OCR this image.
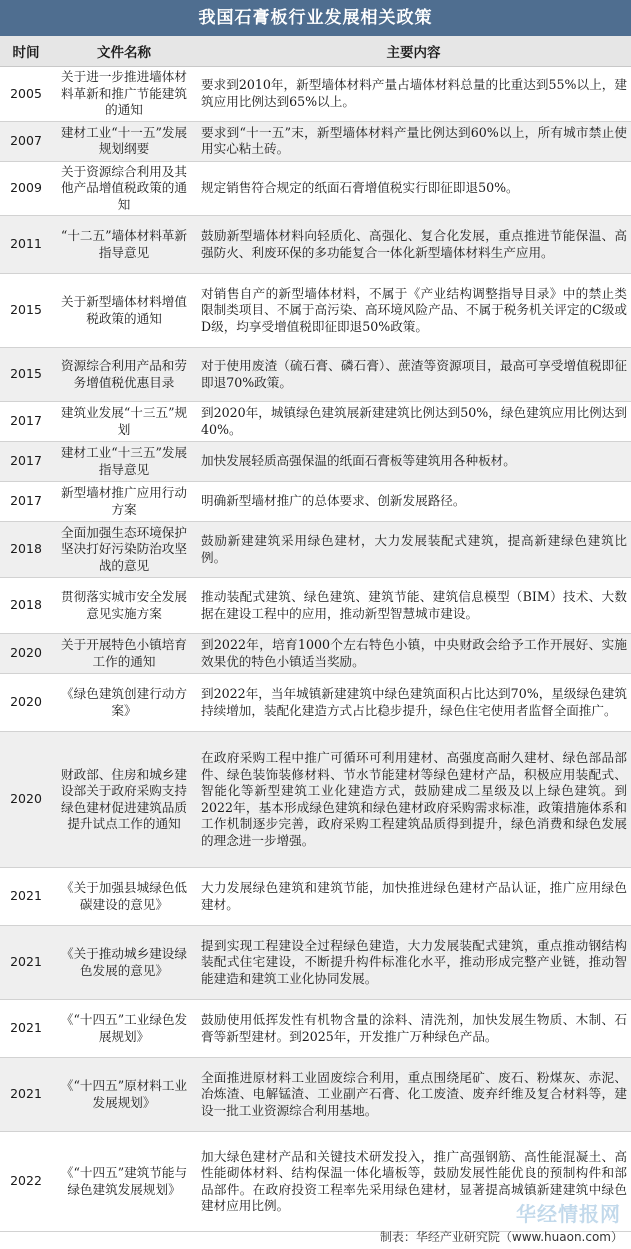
我国石膏板行业发展相关政策
时间	文件名称	主要内容
2005	关于进一步推进墙体材料革新和推广节能建筑的通知	要求到2010年，新型墙体材料产量占墙体材料总量的比重达到55%以上，建筑应用比例达到65%以上。
2007	建材工业“十一五”发展规划纲要	要求到“十一五”末，新型墙体材料产量比例达到60%以上，所有城市禁止使用实心粘土砖。
2009	关于资源综合利用及其他产品增值税政策的通知	规定销售符合规定的纸面石膏增值税实行即征即退50%。
2011	“十二五”墙体材料革新指导意见	鼓励新型墙体材料向轻质化、高强化、复合化发展，重点推进节能保温、高强防火、利废环保的多功能复合一体化新型墙体材料生产应用。
2015	关于新型墙体材料增值税政策的通知	对销售自产的新型墙体材料，不属于《产业结构调整指导目录》中的禁止类限制类项目、不属于高污染、高环境风险产品、不属于税务机关评定的C级或D级，均享受增值税即征即退50%政策。
2015	资源综合利用产品和劳务增值税优惠目录	对于使用废渣（硫石膏、磷石膏）、蔗渣等资源项目，最高可享受增值税即征即退70%政策。
2017	建筑业发展“十三五”规划	到2020年，城镇绿色建筑展新建建筑比例达到50%，绿色建筑应用比例达到40%。
2017	建材工业“十三五”发展指导意见	加快发展轻质高强保温的纸面石膏板等建筑用各种板材。
2017	新型墙材推广应用行动方案	明确新型墙材推广的总体要求、创新发展路径。
2018	全面加强生态环境保护坚决打好污染防治攻坚战的意见	鼓励新建建筑采用绿色建材，大力发展装配式建筑，提高新建绿色建筑比例。
2018	贯彻落实城市安全发展意见实施方案	推动装配式建筑、绿色建筑、建筑节能、建筑信息模型（BIM）技术、大数据在建设工程中的应用，推动新型智慧城市建设。
2020	关于开展特色小镇培育工作的通知	到2022年，培育1000个左右特色小镇，中央财政会给予工作开展好、实施效果优的特色小镇适当奖励。
2020	《绿色建筑创建行动方案》	到2022年，当年城镇新建建筑中绿色建筑面积占比达到70%，星级绿色建筑持续增加，装配化建造方式占比稳步提升，绿色住宅使用者监督全面推广。
2020	财政部、住房和城乡建设部关于政府采购支持绿色建材促进建筑品质提升试点工作的通知	在政府采购工程中推广可循环可利用建材、高强度高耐久建材、绿色部品部件、绿色装饰装修材料、节水节能建材等绿色建材产品，积极应用装配式、智能化等新型建筑工业化建造方式，鼓励建成二星级及以上绿色建筑。到2022年，基本形成绿色建筑和绿色建材政府采购需求标准，政策措施体系和工作机制逐步完善，政府采购工程建筑品质得到提升，绿色消费和绿色发展的理念进一步增强。
2021	《关于加强县城绿色低碳建设的意见》	大力发展绿色建筑和建筑节能，加快推进绿色建材产品认证，推广应用绿色建材。
2021	《关于推动城乡建设绿色发展的意见》	提到实现工程建设全过程绿色建造，大力发展装配式建筑，重点推动钢结构装配式住宅建设，不断提升构件标准化水平，推动形成完整产业链，推动智能建造和建筑工业化协同发展。
2021	《“十四五”工业绿色发展规划》	鼓励使用低挥发性有机物含量的涂料、清洗剂，加快发展生物质、木制、石膏等新型建材。到2025年，开发推广万种绿色产品。
2021	《“十四五”原材料工业发展规划》	全面推进原材料工业固废综合利用，重点围绕尾矿、废石、粉煤灰、赤泥、冶炼渣、电解锰渣、工业副产石膏、化工废渣、废弃纤维及复合材料等，建设一批工业资源综合利用基地。
2022	《“十四五”建筑节能与绿色建筑发展规划》	加大绿色建材产品和关键技术研发投入，推广高强钢筋、高性能混凝土、高性能砌体材料、结构保温一体化墙板等，鼓励发展性能优良的预制构件和部品部件。在政府投资工程率先采用绿色建材，显著提高城镇新建建筑中绿色建材应用比例。	华经情报网
制表：华经产业研究院（www.huaon.com）
